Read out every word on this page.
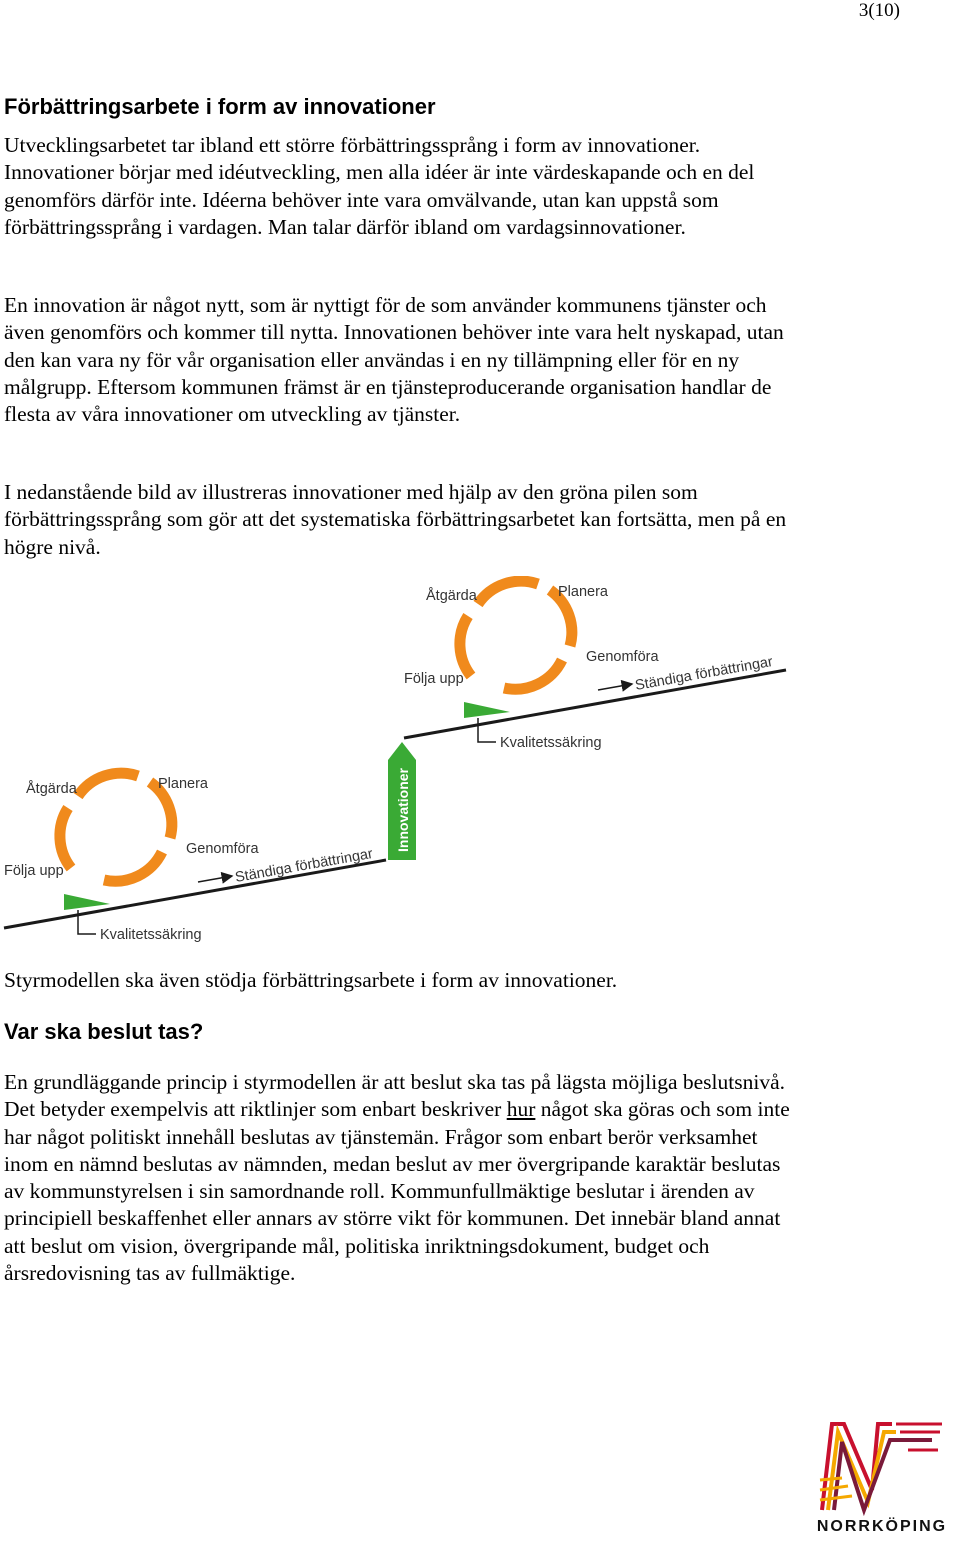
3(10)
Förbättringsarbete i form av innovationer

Utvecklingsarbetet tar ibland ett större förbättringssprång i form av innovationer. Innovationer börjar med idéutveckling, men alla idéer är inte värdeskapande och en del genomförs därför inte. Idéerna behöver inte vara omvälvande, utan kan uppstå som förbättringssprång i vardagen. Man talar därför ibland om vardagsinnovationer.

En innovation är något nytt, som är nyttigt för de som använder kommunens tjänster och även genomförs och kommer till nytta. Innovationen behöver inte vara helt nyskapad, utan den kan vara ny för vår organisation eller användas i en ny tillämpning eller för en ny målgrupp. Eftersom kommunen främst är en tjänsteproducerande organisation handlar de flesta av våra innovationer om utveckling av tjänster.

I nedanstående bild av illustreras innovationer med hjälp av den gröna pilen som förbättringssprång som gör att det systematiska förbättringsarbetet kan fortsätta, men på en högre nivå.

Åtgärda	Planera
Genomföra
Följa upp	Ständiga förbättringar
Kvalitetssäkring
Innovationer
Åtgärda	Planera
Genomföra
Följa upp	Ständiga förbättringar
Kvalitetssäkring

Styrmodellen ska även stödja förbättringsarbete i form av innovationer.

Var ska beslut tas?

En grundläggande princip i styrmodellen är att beslut ska tas på lägsta möjliga beslutsnivå. Det betyder exempelvis att riktlinjer som enbart beskriver hur något ska göras och som inte har något politiskt innehåll beslutas av tjänstemän. Frågor som enbart berör verksamhet inom en nämnd beslutas av nämnden, medan beslut av mer övergripande karaktär beslutas av kommunstyrelsen i sin samordnande roll. Kommunfullmäktige beslutar i ärenden av principiell beskaffenhet eller annars av större vikt för kommunen. Det innebär bland annat att beslut om vision, övergripande mål, politiska inriktningsdokument, budget och årsredovisning tas av fullmäktige.

NORRKÖPING
